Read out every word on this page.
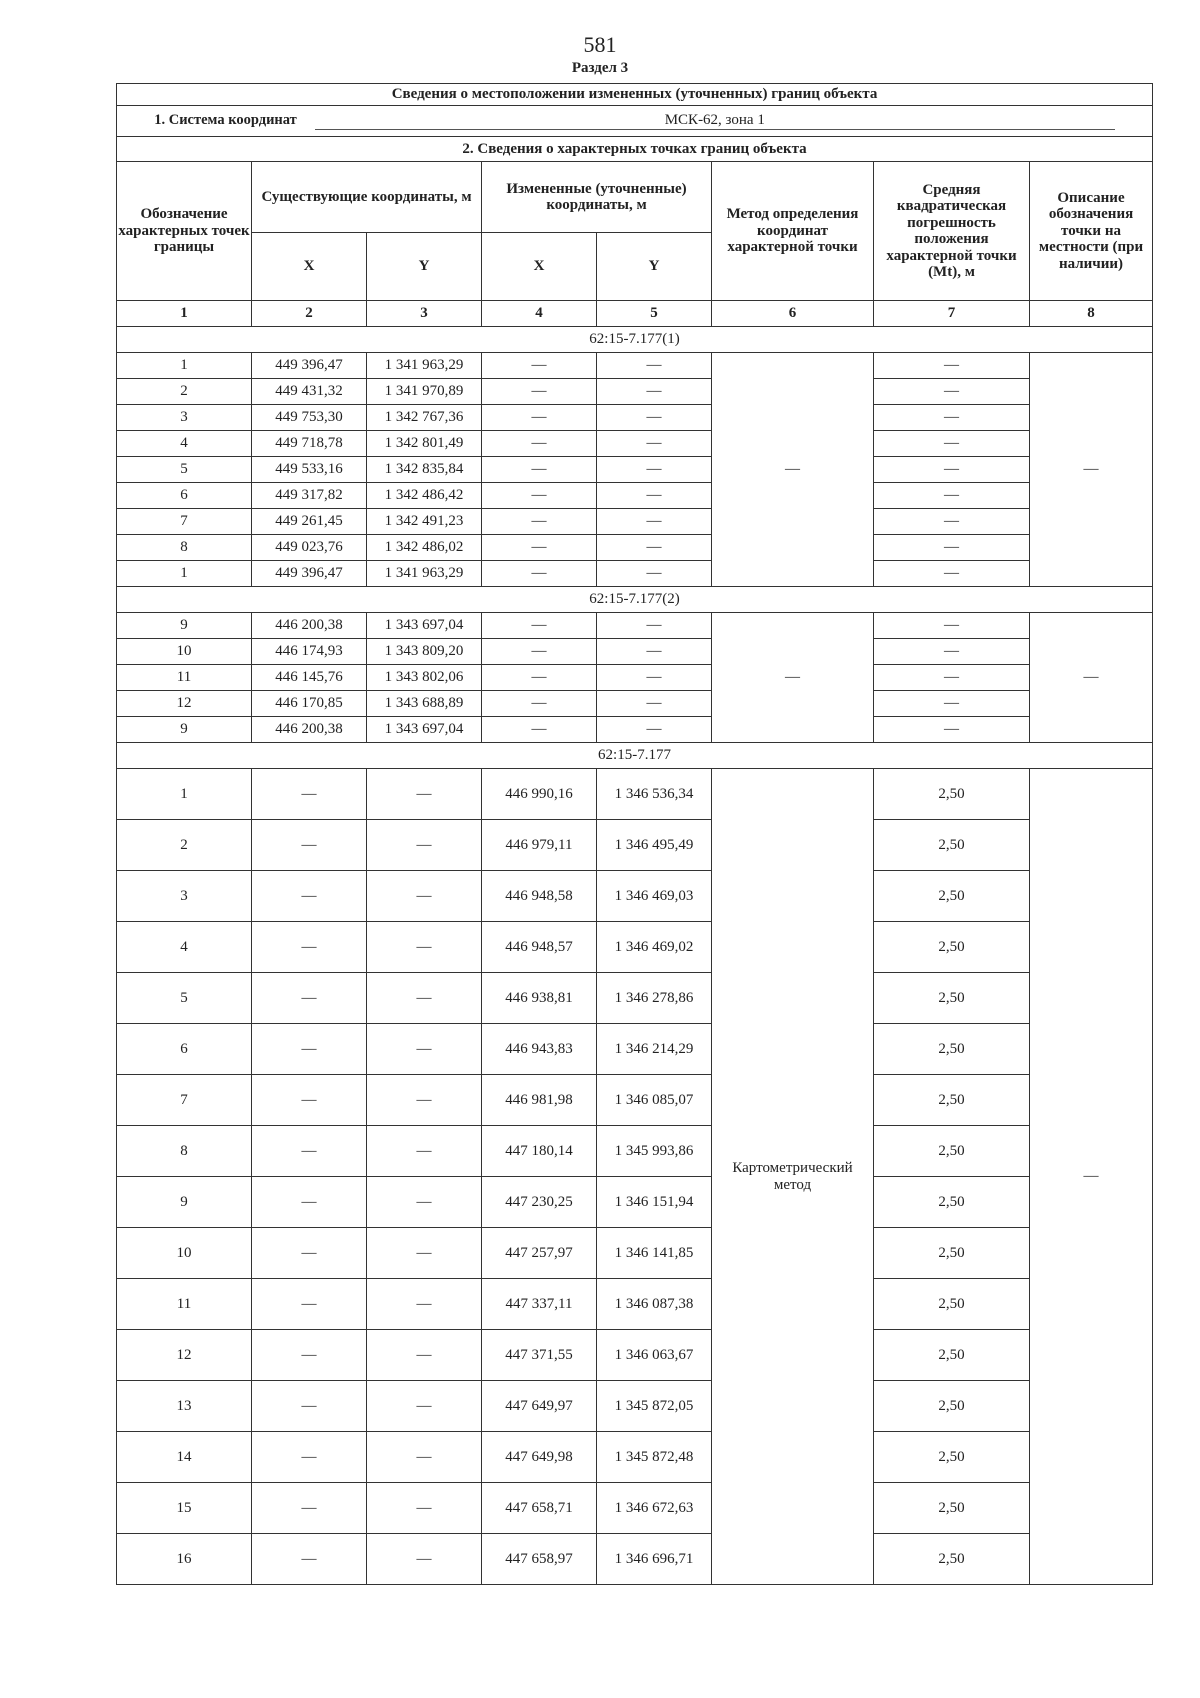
581
Раздел 3
Сведения о местоположении измененных (уточненных) границ объекта							
1. Система координат МСК-62, зона 1							
2. Сведения о характерных точках границ объекта							
Обозначение характерных точек границы	Существующие координаты, м		Измененные (уточненные) координаты, м		Метод определения координат характерной точки	Средняя квадратическая погрешность положения характерной точки (Mt), м	Описание обозначения точки на местности (при наличии)
	X	Y	X	Y			
1	2	3	4	5	6	7	8
62:15-7.177(1)							
1	449 396,47	1 341 963,29	—	—	—	—	—
2	449 431,32	1 341 970,89	—	—		—	
3	449 753,30	1 342 767,36	—	—		—	
4	449 718,78	1 342 801,49	—	—		—	
5	449 533,16	1 342 835,84	—	—		—	
6	449 317,82	1 342 486,42	—	—		—	
7	449 261,45	1 342 491,23	—	—		—	
8	449 023,76	1 342 486,02	—	—		—	
1	449 396,47	1 341 963,29	—	—		—	
62:15-7.177(2)							
9	446 200,38	1 343 697,04	—	—	—	—	—
10	446 174,93	1 343 809,20	—	—		—	
11	446 145,76	1 343 802,06	—	—		—	
12	446 170,85	1 343 688,89	—	—		—	
9	446 200,38	1 343 697,04	—	—		—	
62:15-7.177							
1	—	—	446 990,16	1 346 536,34	Картометрический метод	2,50	—
2	—	—	446 979,11	1 346 495,49		2,50	
3	—	—	446 948,58	1 346 469,03		2,50	
4	—	—	446 948,57	1 346 469,02		2,50	
5	—	—	446 938,81	1 346 278,86		2,50	
6	—	—	446 943,83	1 346 214,29		2,50	
7	—	—	446 981,98	1 346 085,07		2,50	
8	—	—	447 180,14	1 345 993,86		2,50	
9	—	—	447 230,25	1 346 151,94		2,50	
10	—	—	447 257,97	1 346 141,85		2,50	
11	—	—	447 337,11	1 346 087,38		2,50	
12	—	—	447 371,55	1 346 063,67		2,50	
13	—	—	447 649,97	1 345 872,05		2,50	
14	—	—	447 649,98	1 345 872,48		2,50	
15	—	—	447 658,71	1 346 672,63		2,50	
16	—	—	447 658,97	1 346 696,71		2,50	
